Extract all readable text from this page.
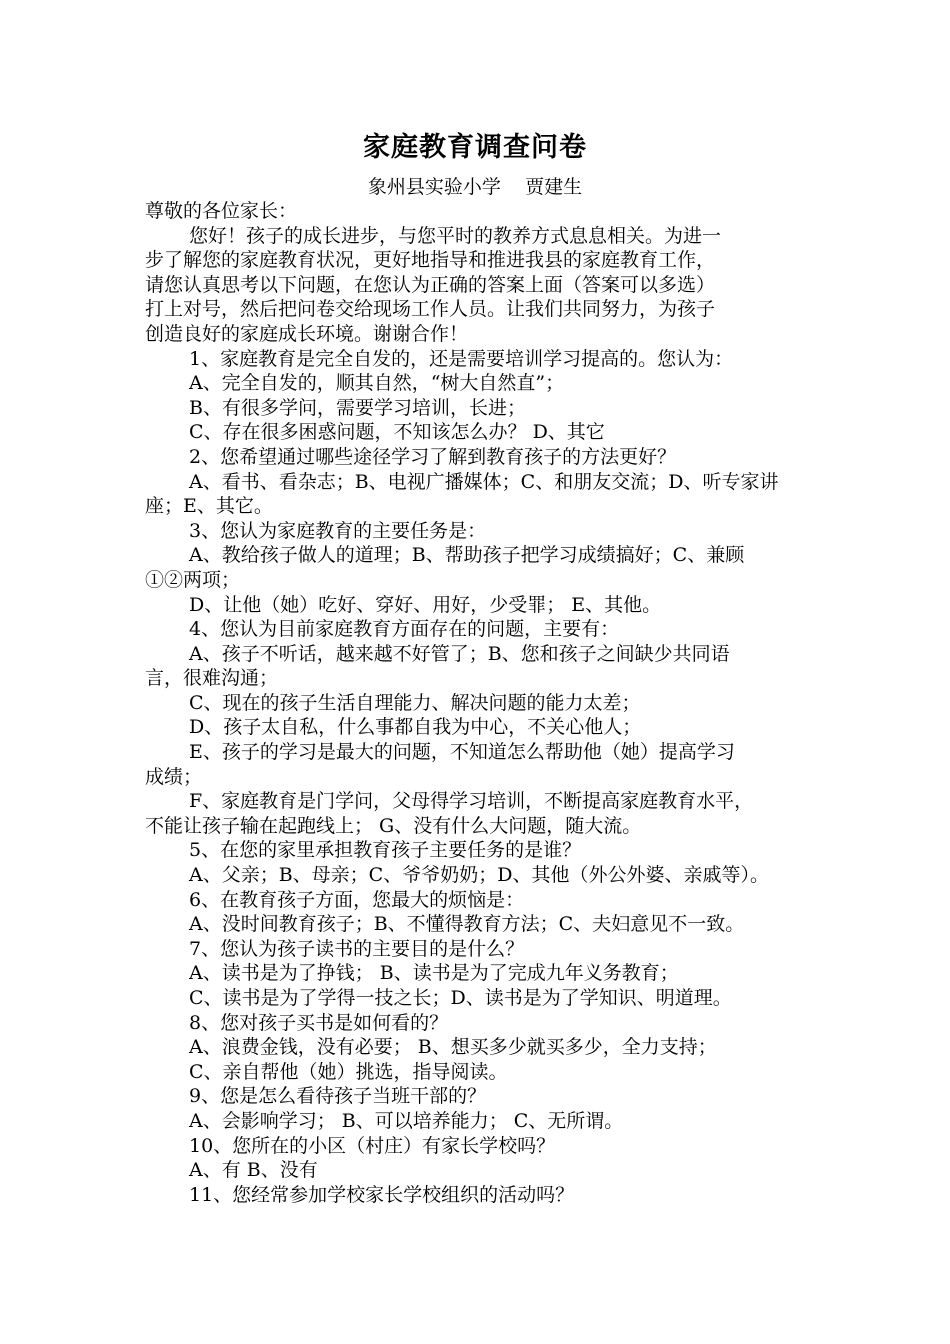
家庭教育调查问卷
象州县实验小学    贾建生
尊敬的各位家长：
您好！孩子的成长进步，与您平时的教养方式息息相关。为进一
步了解您的家庭教育状况，更好地指导和推进我县的家庭教育工作，
请您认真思考以下问题，在您认为正确的答案上面（答案可以多选）
打上对号，然后把问卷交给现场工作人员。让我们共同努力，为孩子
创造良好的家庭成长环境。谢谢合作！
1、家庭教育是完全自发的，还是需要培训学习提高的。您认为：
A、完全自发的，顺其自然，“树大自然直”；
B、有很多学问，需要学习培训，长进；
C、存在很多困惑问题，不知该怎么办？ D、其它
2、您希望通过哪些途径学习了解到教育孩子的方法更好？
A、看书、看杂志；B、电视广播媒体；C、和朋友交流；D、听专家讲
座；E、其它。
3、您认为家庭教育的主要任务是：
A、教给孩子做人的道理；B、帮助孩子把学习成绩搞好；C、兼顾
①②两项；
D、让他（她）吃好、穿好、用好，少受罪； E、其他。
4、您认为目前家庭教育方面存在的问题，主要有：
A、孩子不听话，越来越不好管了；B、您和孩子之间缺少共同语
言，很难沟通；
C、现在的孩子生活自理能力、解决问题的能力太差；
D、孩子太自私，什么事都自我为中心，不关心他人；
E、孩子的学习是最大的问题，不知道怎么帮助他（她）提高学习
成绩；
F、家庭教育是门学问，父母得学习培训，不断提高家庭教育水平，
不能让孩子输在起跑线上； G、没有什么大问题，随大流。
5、在您的家里承担教育孩子主要任务的是谁？
A、父亲；B、母亲；C、爷爷奶奶；D、其他（外公外婆、亲戚等）。
6、在教育孩子方面，您最大的烦恼是：
A、没时间教育孩子；B、不懂得教育方法；C、夫妇意见不一致。
7、您认为孩子读书的主要目的是什么？
A、读书是为了挣钱； B、读书是为了完成九年义务教育；
C、读书是为了学得一技之长；D、读书是为了学知识、明道理。
8、您对孩子买书是如何看的？
A、浪费金钱，没有必要； B、想买多少就买多少，全力支持；
C、亲自帮他（她）挑选，指导阅读。
9、您是怎么看待孩子当班干部的？
A、会影响学习； B、可以培养能力； C、无所谓。
10、您所在的小区（村庄）有家长学校吗？
A、有 B、没有
11、您经常参加学校家长学校组织的活动吗？
